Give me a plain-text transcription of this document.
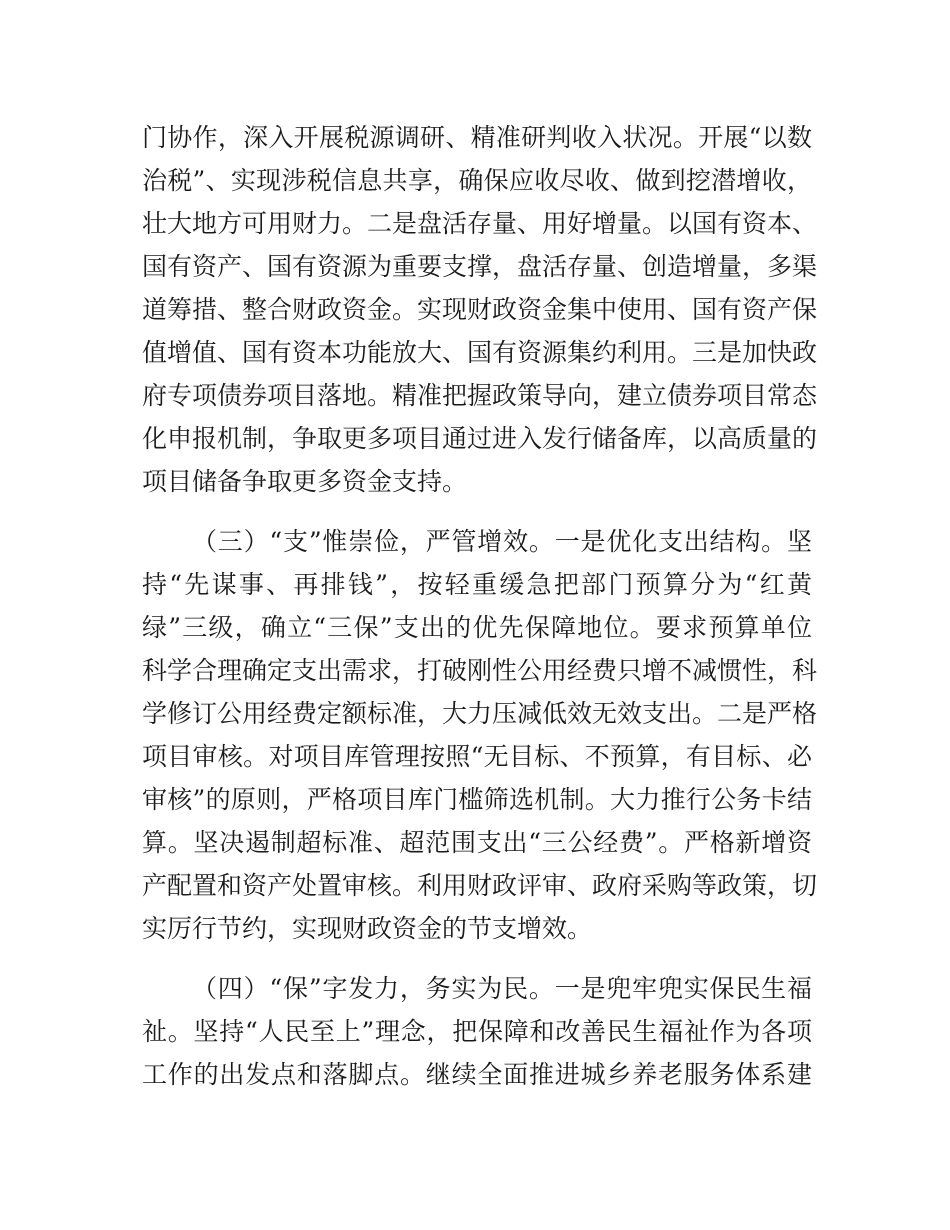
门协作，深入开展税源调研、精准研判收入状况。开展“以数
治税”、实现涉税信息共享，确保应收尽收、做到挖潜增收，
壮大地方可用财力。二是盘活存量、用好增量。以国有资本、
国有资产、国有资源为重要支撑，盘活存量、创造增量，多渠
道筹措、整合财政资金。实现财政资金集中使用、国有资产保
值增值、国有资本功能放大、国有资源集约利用。三是加快政
府专项债券项目落地。精准把握政策导向，建立债券项目常态
化申报机制，争取更多项目通过进入发行储备库，以高质量的
项目储备争取更多资金支持。
（三）“支”惟崇俭，严管增效。一是优化支出结构。坚
持“先谋事、再排钱”，按轻重缓急把部门预算分为“红黄
绿”三级，确立“三保”支出的优先保障地位。要求预算单位
科学合理确定支出需求，打破刚性公用经费只增不减惯性，科
学修订公用经费定额标准，大力压减低效无效支出。二是严格
项目审核。对项目库管理按照“无目标、不预算，有目标、必
审核”的原则，严格项目库门槛筛选机制。大力推行公务卡结
算。坚决遏制超标准、超范围支出“三公经费”。严格新增资
产配置和资产处置审核。利用财政评审、政府采购等政策，切
实厉行节约，实现财政资金的节支增效。
（四）“保”字发力，务实为民。一是兜牢兜实保民生福
祉。坚持“人民至上”理念，把保障和改善民生福祉作为各项
工作的出发点和落脚点。继续全面推进城乡养老服务体系建
